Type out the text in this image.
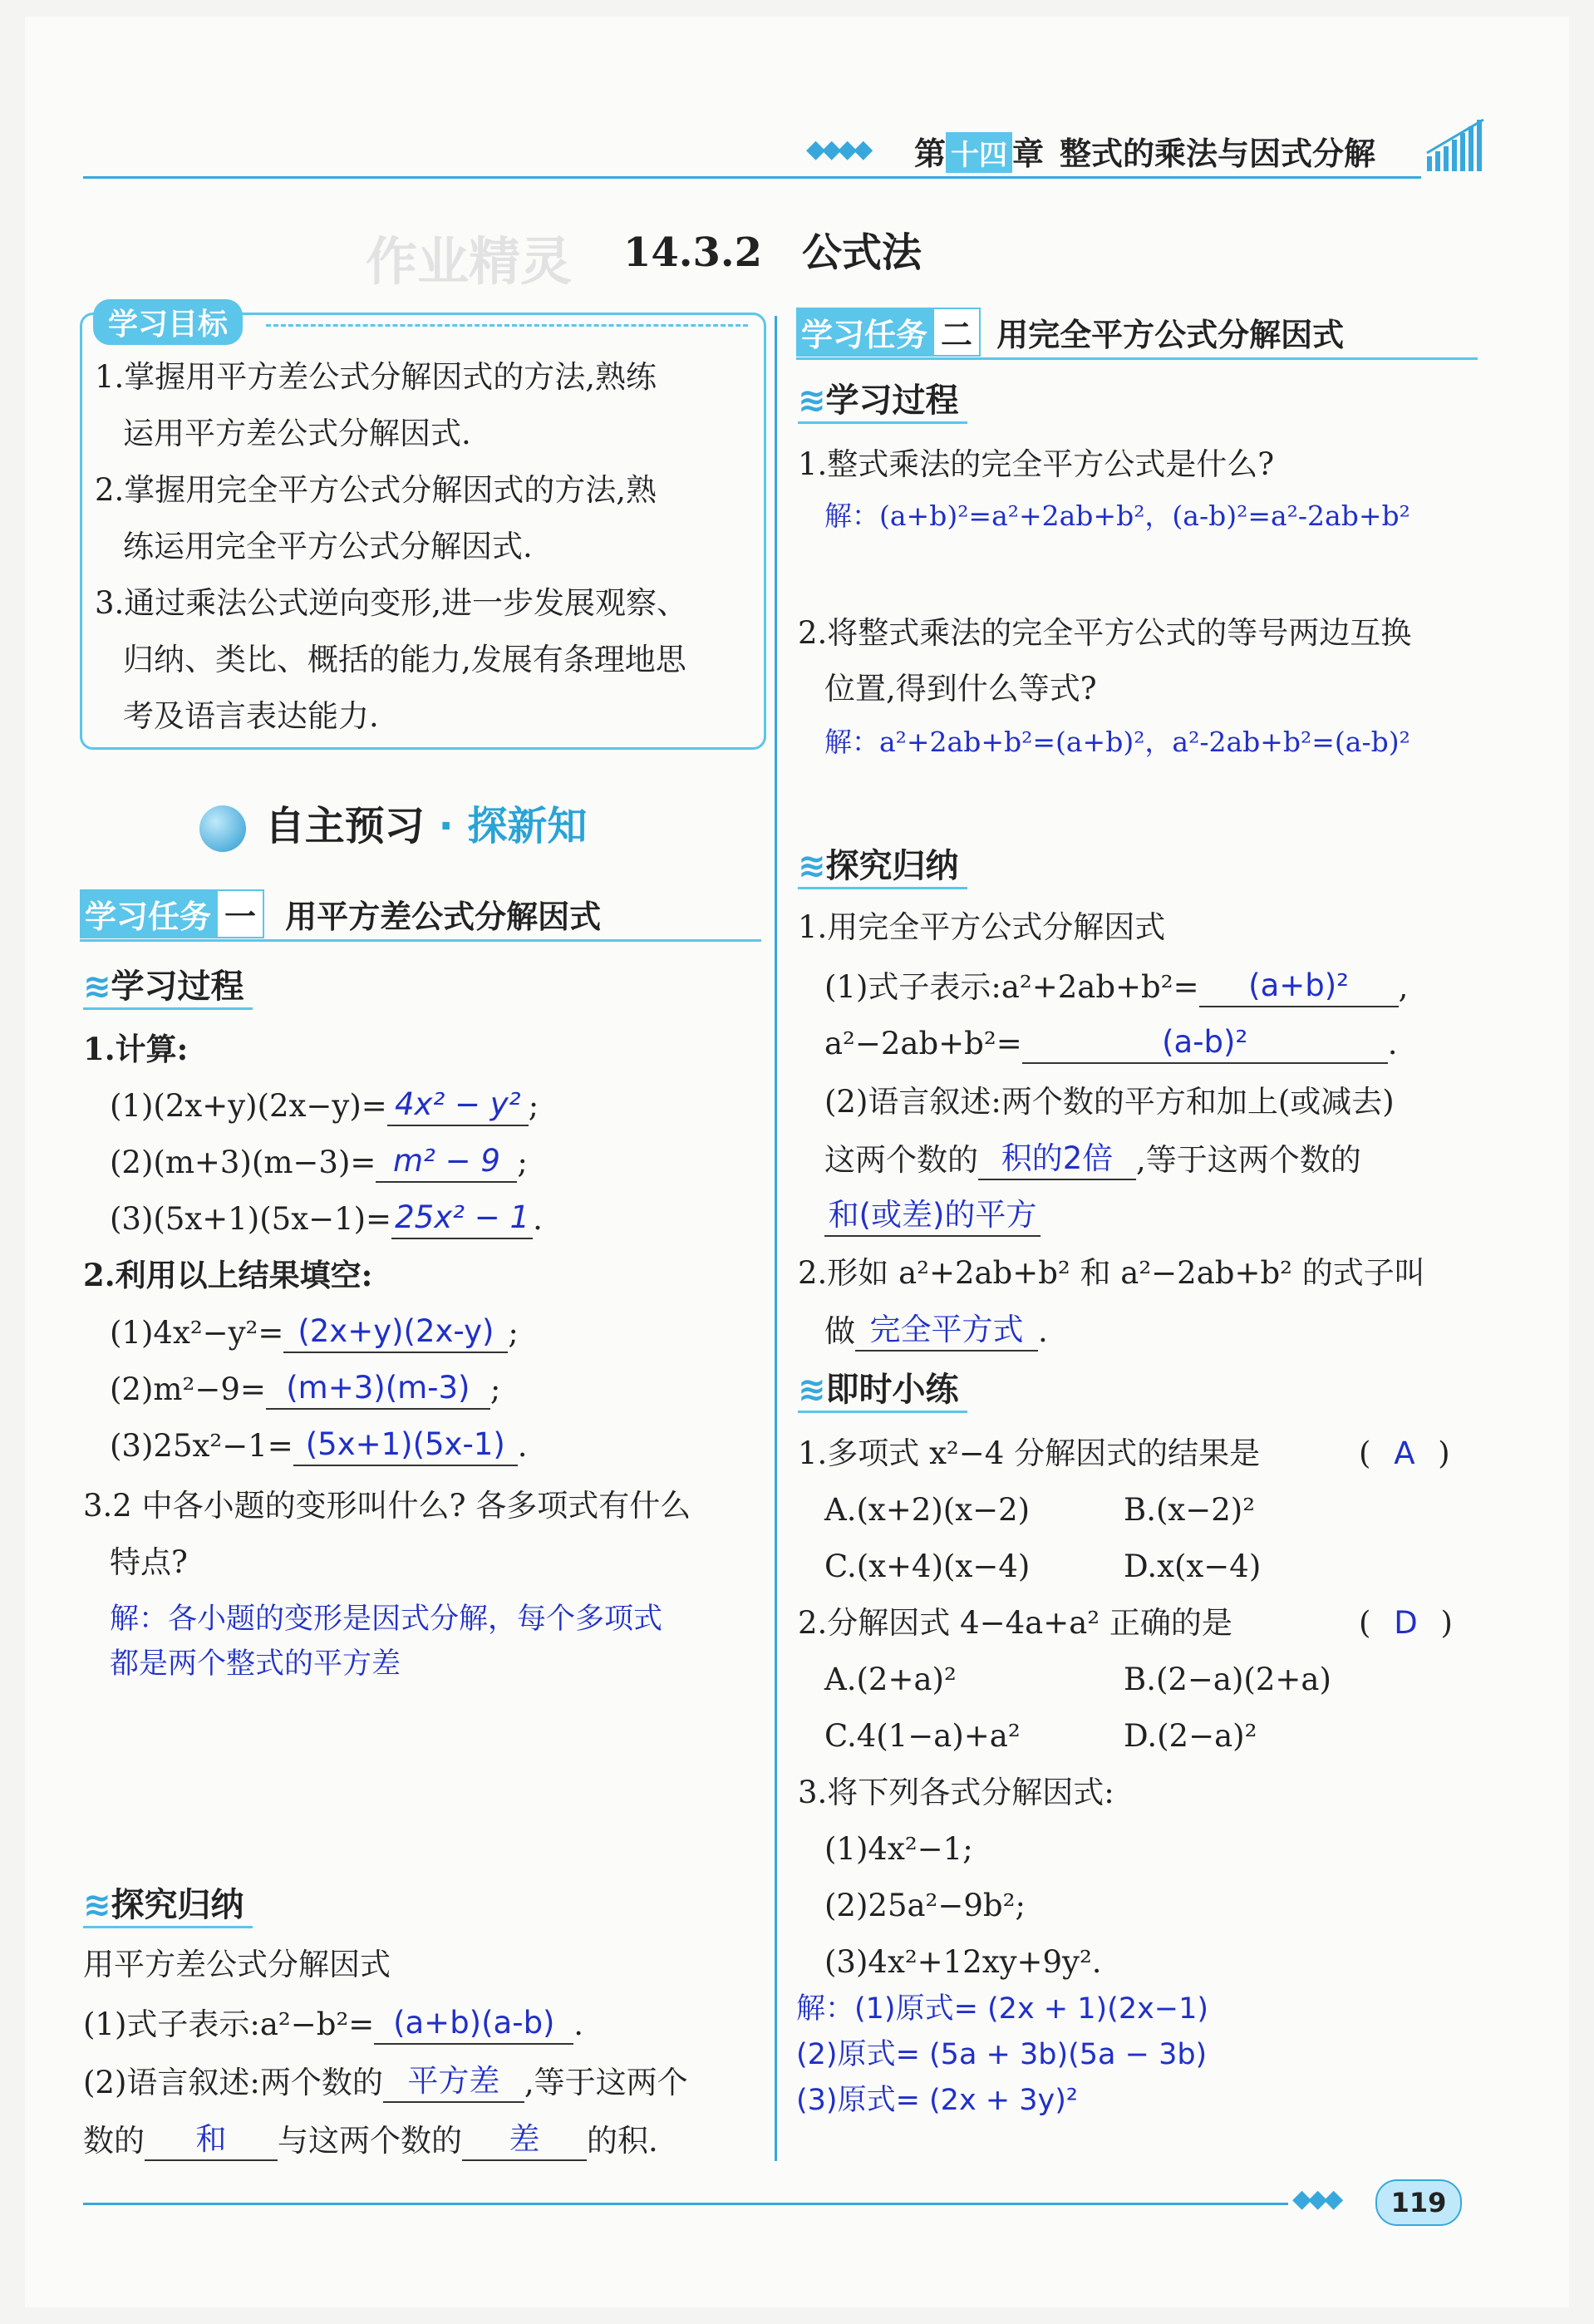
◆◆◆◆ 第 十四 章 整式的乘法与因式分解
作业精灵 14.3.2　公式法
学习目标
1.掌握用平方差公式分解因式的方法,熟练
运用平方差公式分解因式.
2.掌握用完全平方公式分解因式的方法,熟
练运用完全平方公式分解因式.
3.通过乘法公式逆向变形,进一步发展观察、
归纳、类比、概括的能力,发展有条理地思
考及语言表达能力.
自主预习 · 探新知
学习任务 一 用平方差公式分解因式
≋学习过程
1.计算:
(1)(2x+y)(2x−y)= 4x² − y² ;
(2)(m+3)(m−3)= m² − 9 ;
(3)(5x+1)(5x−1)= 25x² − 1 .
2.利用以上结果填空:
(1)4x²−y²= (2x+y)(2x-y) ;
(2)m²−9= (m+3)(m-3) ;
(3)25x²−1= (5x+1)(5x-1) .
3.2 中各小题的变形叫什么? 各多项式有什么
特点?
解：各小题的变形是因式分解，每个多项式
都是两个整式的平方差
≋探究归纳
用平方差公式分解因式
(1)式子表示:a²−b²= (a+b)(a-b) .
(2)语言叙述:两个数的 平方差 ,等于这两个
数的 和 与这两个数的 差 的积.
学习任务 二 用完全平方公式分解因式
≋学习过程
1.整式乘法的完全平方公式是什么?
解：(a+b)²=a²+2ab+b²，(a-b)²=a²-2ab+b²
2.将整式乘法的完全平方公式的等号两边互换
位置,得到什么等式?
解：a²+2ab+b²=(a+b)²，a²-2ab+b²=(a-b)²
≋探究归纳
1.用完全平方公式分解因式
(1)式子表示:a²+2ab+b²= (a+b)² ,
a²−2ab+b²=	(a-b)²	.
(2)语言叙述:两个数的平方和加上(或减去)
这两个数的 积的2倍 ,等于这两个数的
和(或差)的平方
2.形如 a²+2ab+b² 和 a²−2ab+b² 的式子叫
做 完全平方式 .
≋即时小练
1.多项式 x²−4 分解因式的结果是	( A )
A.(x+2)(x−2)	B.(x−2)²
C.(x+4)(x−4)	D.x(x−4)
2.分解因式 4−4a+a² 正确的是	( D )
A.(2+a)²	B.(2−a)(2+a)
C.4(1−a)+a²	D.(2−a)²
3.将下列各式分解因式:
(1)4x²−1;
(2)25a²−9b²;
(3)4x²+12xy+9y².
解：(1)原式= (2x + 1)(2x−1)
(2)原式= (5a + 3b)(5a − 3b)
(3)原式= (2x + 3y)²
◆◆◆	119
